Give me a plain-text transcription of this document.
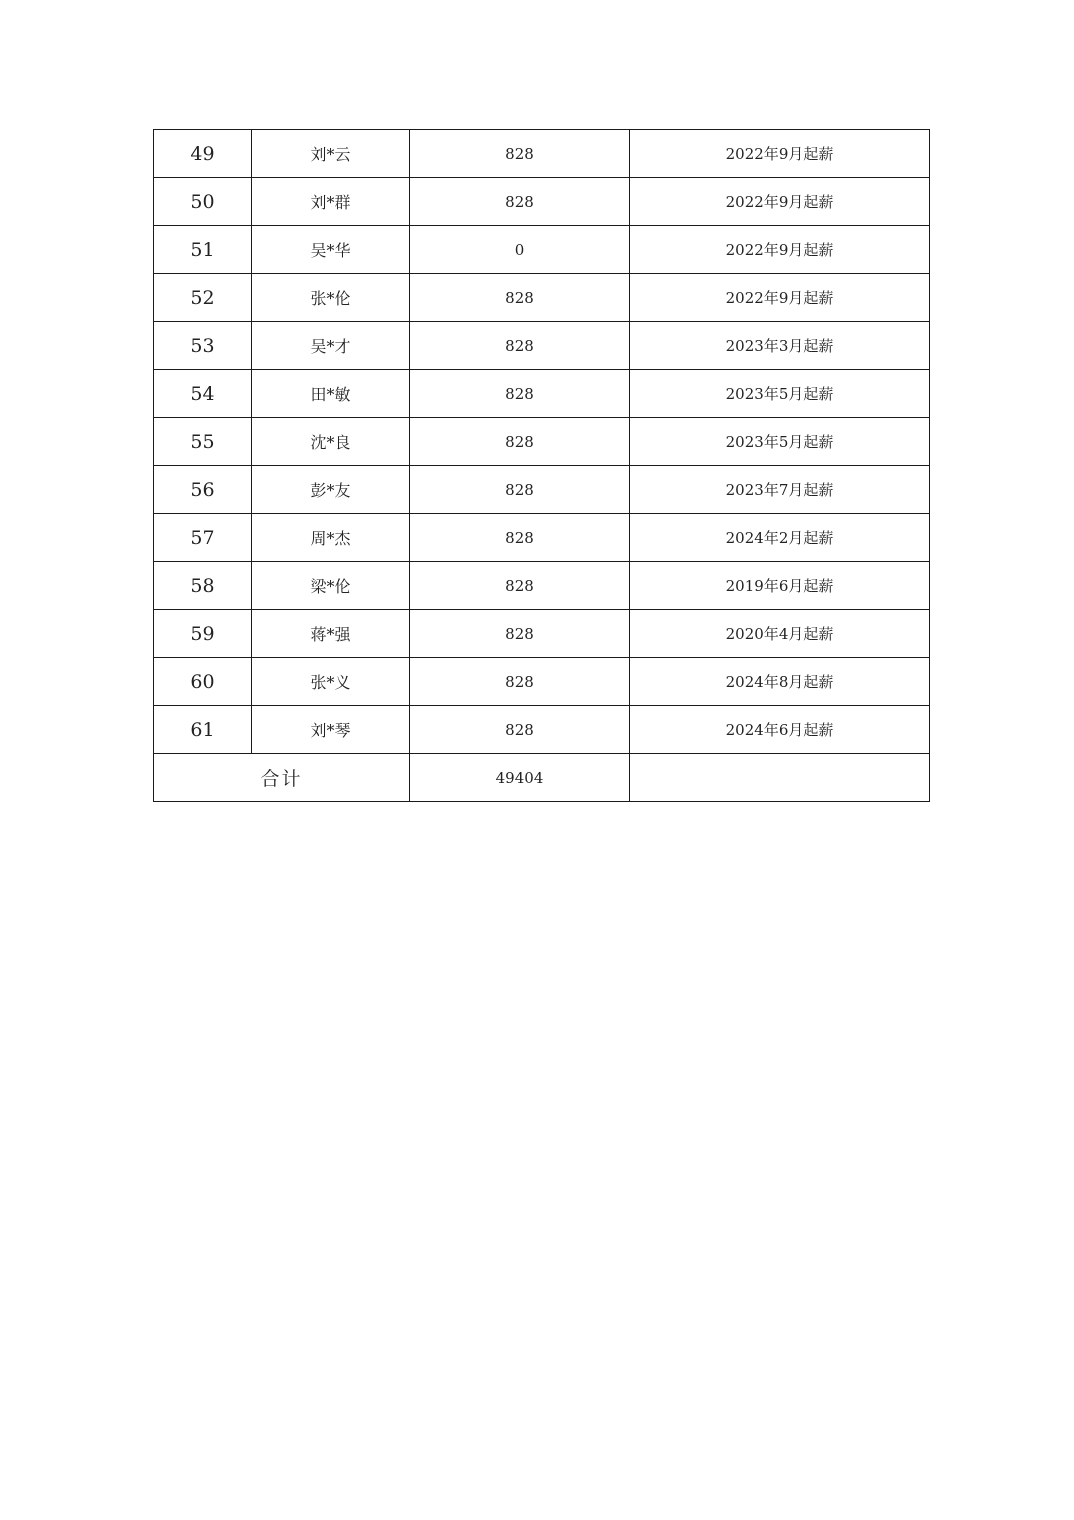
49	刘*云	828	2022年9月起薪
50	刘*群	828	2022年9月起薪
51	吴*华	0	2022年9月起薪
52	张*伦	828	2022年9月起薪
53	吴*才	828	2023年3月起薪
54	田*敏	828	2023年5月起薪
55	沈*良	828	2023年5月起薪
56	彭*友	828	2023年7月起薪
57	周*杰	828	2024年2月起薪
58	梁*伦	828	2019年6月起薪
59	蒋*强	828	2020年4月起薪
60	张*义	828	2024年8月起薪
61	刘*琴	828	2024年6月起薪
合计		49404	
